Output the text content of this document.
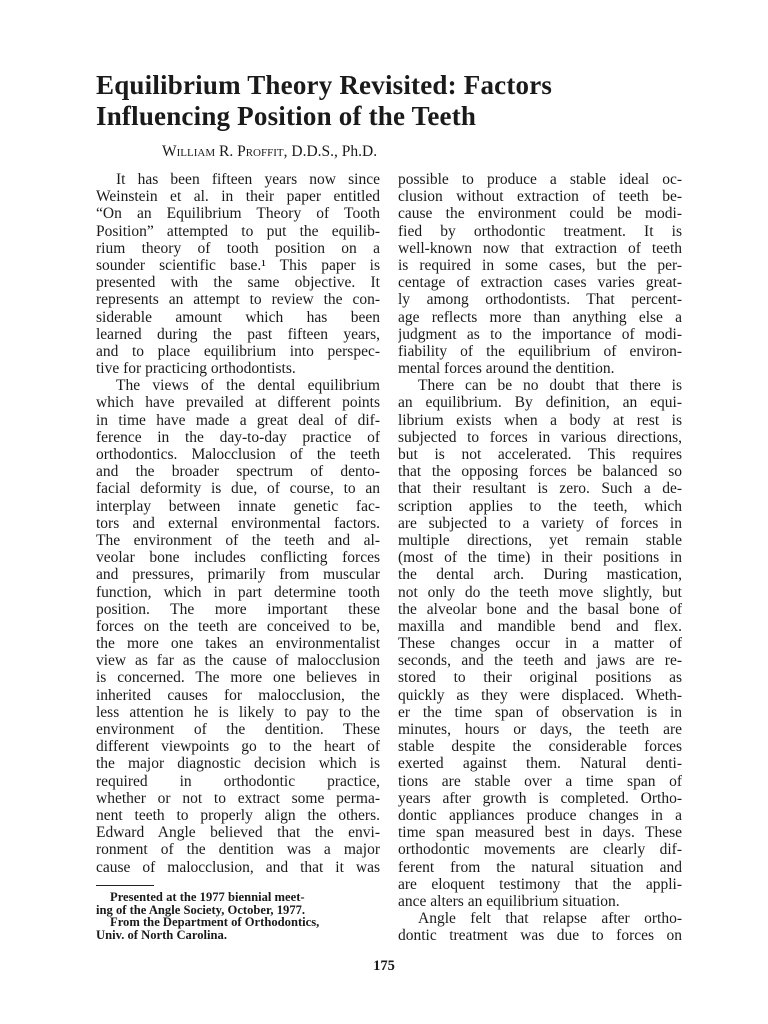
Equilibrium Theory Revisited: Factors
Influencing Position of the Teeth

William R. Proffit, D.D.S., Ph.D.

It has been fifteen years now since
Weinstein et al. in their paper entitled
“On an Equilibrium Theory of Tooth
Position” attempted to put the equilib-
rium theory of tooth position on a
sounder scientific base.¹ This paper is
presented with the same objective. It
represents an attempt to review the con-
siderable amount which has been
learned during the past fifteen years,
and to place equilibrium into perspec-
tive for practicing orthodontists.
The views of the dental equilibrium
which have prevailed at different points
in time have made a great deal of dif-
ference in the day-to-day practice of
orthodontics. Malocclusion of the teeth
and the broader spectrum of dento-
facial deformity is due, of course, to an
interplay between innate genetic fac-
tors and external environmental factors.
The environment of the teeth and al-
veolar bone includes conflicting forces
and pressures, primarily from muscular
function, which in part determine tooth
position. The more important these
forces on the teeth are conceived to be,
the more one takes an environmentalist
view as far as the cause of malocclusion
is concerned. The more one believes in
inherited causes for malocclusion, the
less attention he is likely to pay to the
environment of the dentition. These
different viewpoints go to the heart of
the major diagnostic decision which is
required in orthodontic practice,
whether or not to extract some perma-
nent teeth to properly align the others.
Edward Angle believed that the envi-
ronment of the dentition was a major
cause of malocclusion, and that it was
possible to produce a stable ideal oc-
clusion without extraction of teeth be-
cause the environment could be modi-
fied by orthodontic treatment. It is
well-known now that extraction of teeth
is required in some cases, but the per-
centage of extraction cases varies great-
ly among orthodontists. That percent-
age reflects more than anything else a
judgment as to the importance of modi-
fiability of the equilibrium of environ-
mental forces around the dentition.
There can be no doubt that there is
an equilibrium. By definition, an equi-
librium exists when a body at rest is
subjected to forces in various directions,
but is not accelerated. This requires
that the opposing forces be balanced so
that their resultant is zero. Such a de-
scription applies to the teeth, which
are subjected to a variety of forces in
multiple directions, yet remain stable
(most of the time) in their positions in
the dental arch. During mastication,
not only do the teeth move slightly, but
the alveolar bone and the basal bone of
maxilla and mandible bend and flex.
These changes occur in a matter of
seconds, and the teeth and jaws are re-
stored to their original positions as
quickly as they were displaced. Wheth-
er the time span of observation is in
minutes, hours or days, the teeth are
stable despite the considerable forces
exerted against them. Natural denti-
tions are stable over a time span of
years after growth is completed. Ortho-
dontic appliances produce changes in a
time span measured best in days. These
orthodontic movements are clearly dif-
ferent from the natural situation and
are eloquent testimony that the appli-
ance alters an equilibrium situation.
Angle felt that relapse after ortho-
dontic treatment was due to forces on
Presented at the 1977 biennial meet-
ing of the Angle Society, October, 1977.
From the Department of Orthodontics,
Univ. of North Carolina.
175
